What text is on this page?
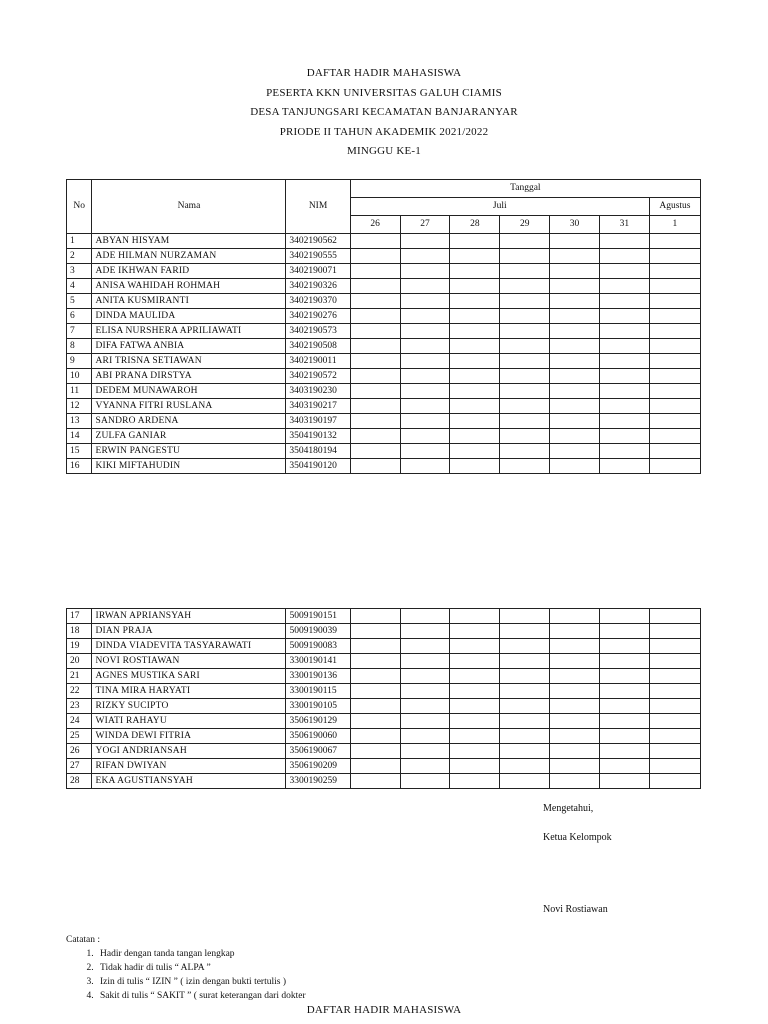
DAFTAR HADIR MAHASISWA
PESERTA KKN UNIVERSITAS GALUH CIAMIS
DESA TANJUNGSARI KECAMATAN BANJARANYAR
PRIODE II TAHUN AKADEMIK 2021/2022
MINGGU KE-1
No	Nama	NIM	Tanggal						
			Juli						Agustus
			26	27	28	29	30	31	1
1	ABYAN HISYAM	3402190562							
2	ADE HILMAN NURZAMAN	3402190555							
3	ADE IKHWAN FARID	3402190071							
4	ANISA WAHIDAH ROHMAH	3402190326							
5	ANITA KUSMIRANTI	3402190370							
6	DINDA MAULIDA	3402190276							
7	ELISA NURSHERA APRILIAWATI	3402190573							
8	DIFA FATWA ANBIA	3402190508							
9	ARI TRISNA SETIAWAN	3402190011							
10	ABI PRANA DIRSTYA	3402190572							
11	DEDEM MUNAWAROH	3403190230							
12	VYANNA FITRI RUSLANA	3403190217							
13	SANDRO ARDENA	3403190197							
14	ZULFA GANIAR	3504190132							
15	ERWIN PANGESTU	3504180194							
16	KIKI MIFTAHUDIN	3504190120							
17	IRWAN APRIANSYAH	5009190151							
18	DIAN PRAJA	5009190039							
19	DINDA VIADEVITA TASYARAWATI	5009190083							
20	NOVI ROSTIAWAN	3300190141							
21	AGNES MUSTIKA SARI	3300190136							
22	TINA MIRA HARYATI	3300190115							
23	RIZKY SUCIPTO	3300190105							
24	WIATI RAHAYU	3506190129							
25	WINDA DEWI FITRIA	3506190060							
26	YOGI ANDRIANSAH	3506190067							
27	RIFAN DWIYAN	3506190209							
28	EKA AGUSTIANSYAH	3300190259							
Mengetahui,
Ketua Kelompok
Novi Rostiawan
Catatan :
1. Hadir dengan tanda tangan lengkap
2. Tidak hadir di tulis “ ALPA ”
3. Izin di tulis “ IZIN ” ( izin dengan bukti tertulis )
4. Sakit di tulis “ SAKIT ” ( surat keterangan dari dokter
DAFTAR HADIR MAHASISWA
